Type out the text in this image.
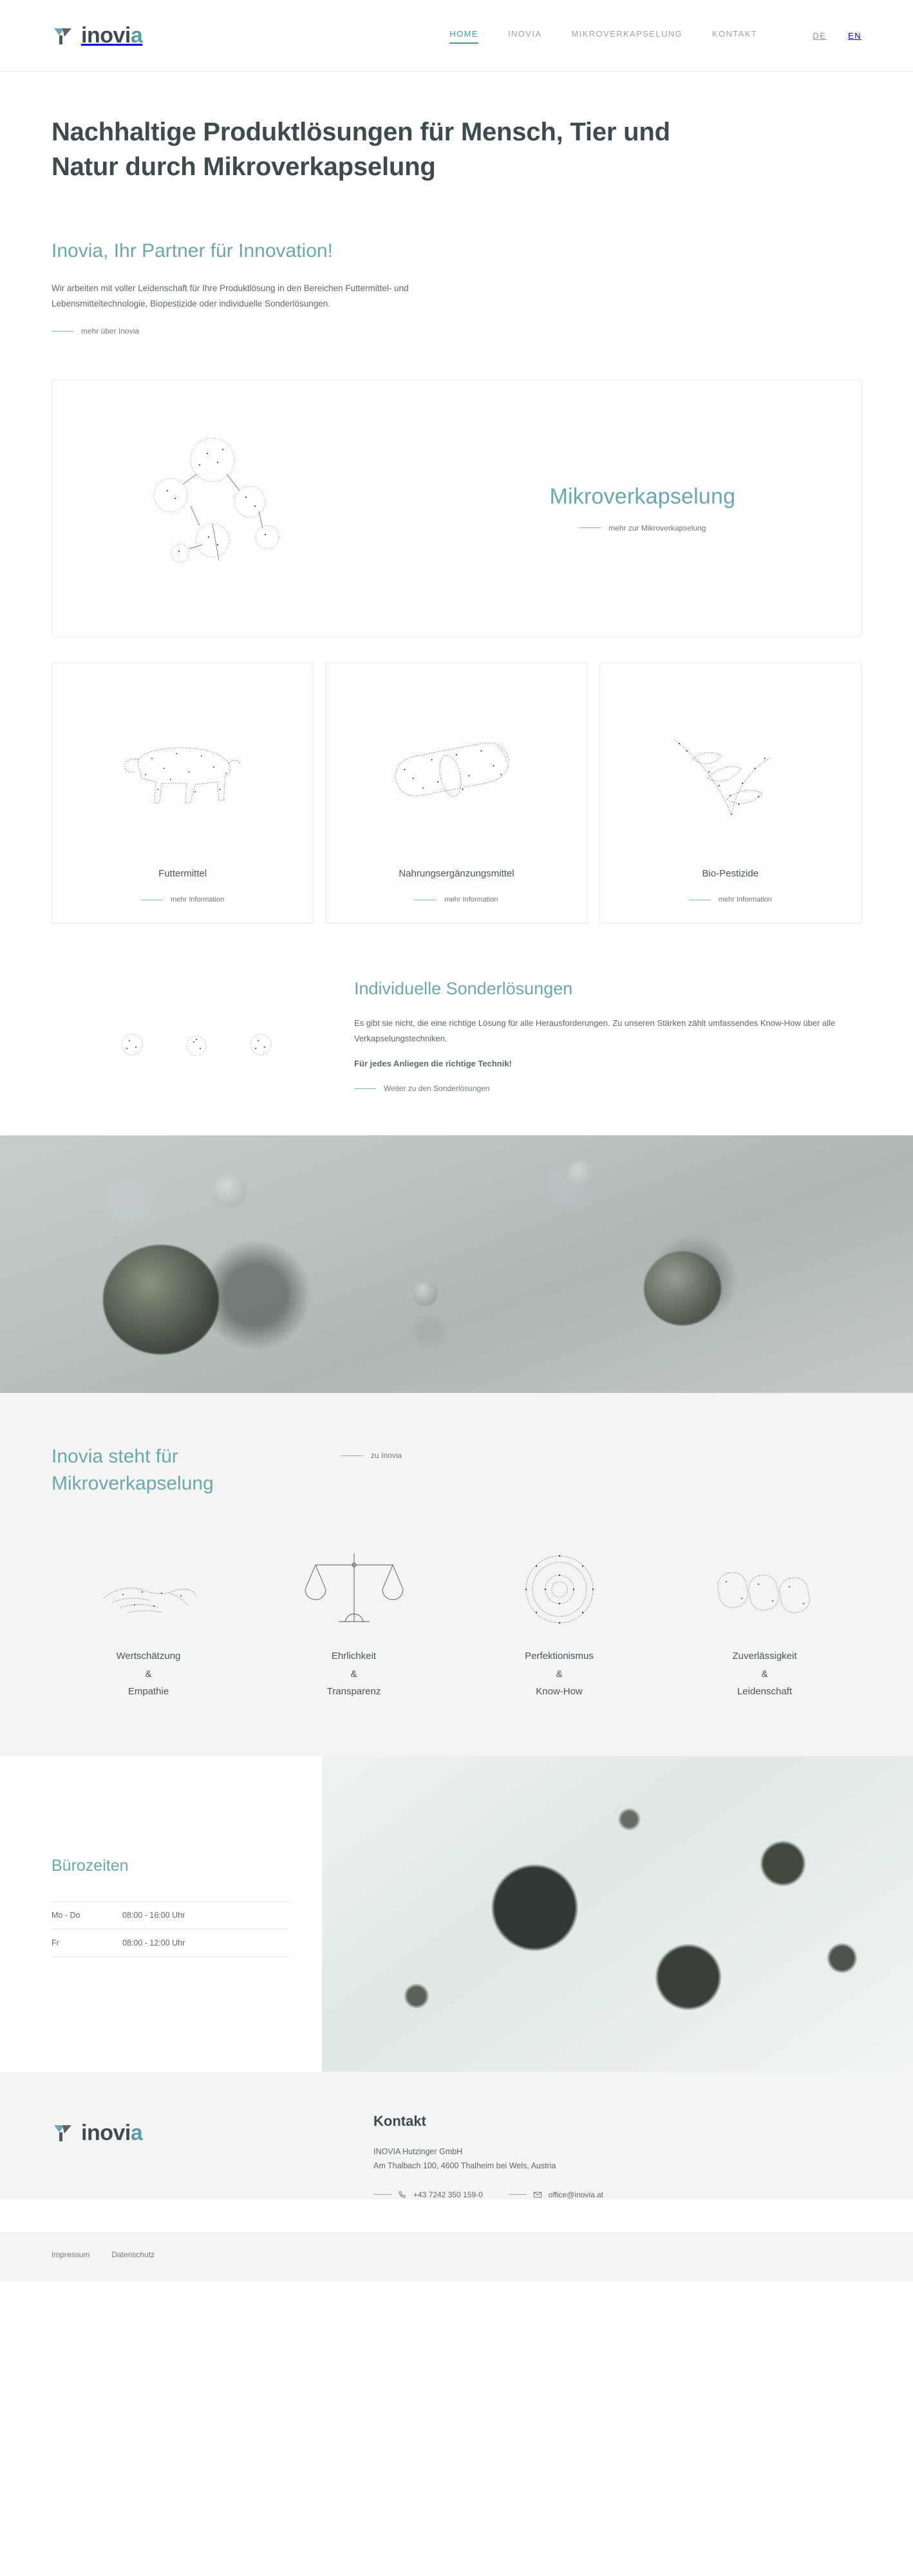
inovia	HOME	INOVIA	MIKROVERKAPSELUNG	KONTAKT	DE	EN
Nachhaltige Produktlösungen für Mensch, Tier und Natur durch Mikroverkapselung
Inovia, Ihr Partner für Innovation!

Wir arbeiten mit voller Leidenschaft für Ihre Produktlösung in den Bereichen Futtermittel- und Lebensmitteltechnologie, Biopestizide oder individuelle Sonderlösungen.

mehr über Inovia
Mikroverkapselung
mehr zur Mikroverkapselung
Futtermittel
mehr Information
Nahrungsergänzungsmittel
mehr Information
Bio-Pestizide
mehr Information
Individuelle Sonderlösungen

Es gibt sie nicht, die eine richtige Lösung für alle Herausforderungen. Zu unseren Stärken zählt umfassendes Know-How über alle Verkapselungstechniken.

Für jedes Anliegen die richtige Technik!
Weiter zu den Sonderlösungen
Inovia steht für Mikroverkapselung
zu Inovia
Wertschätzung
&
Empathie
Ehrlichkeit
&
Transparenz
Perfektionismus
&
Know-How
Zuverlässigkeit
&
Leidenschaft
Bürozeiten
Mo - Do	08:00 - 16:00 Uhr
Fr	08:00 - 12:00 Uhr
inovia	Kontakt

INOVIA Hutzinger GmbH

Am Thalbach 100, 4600 Thalheim bei Wels, Austria

+43 7242 350 159-0	office@inovia.at
Impressum	Datenschutz
